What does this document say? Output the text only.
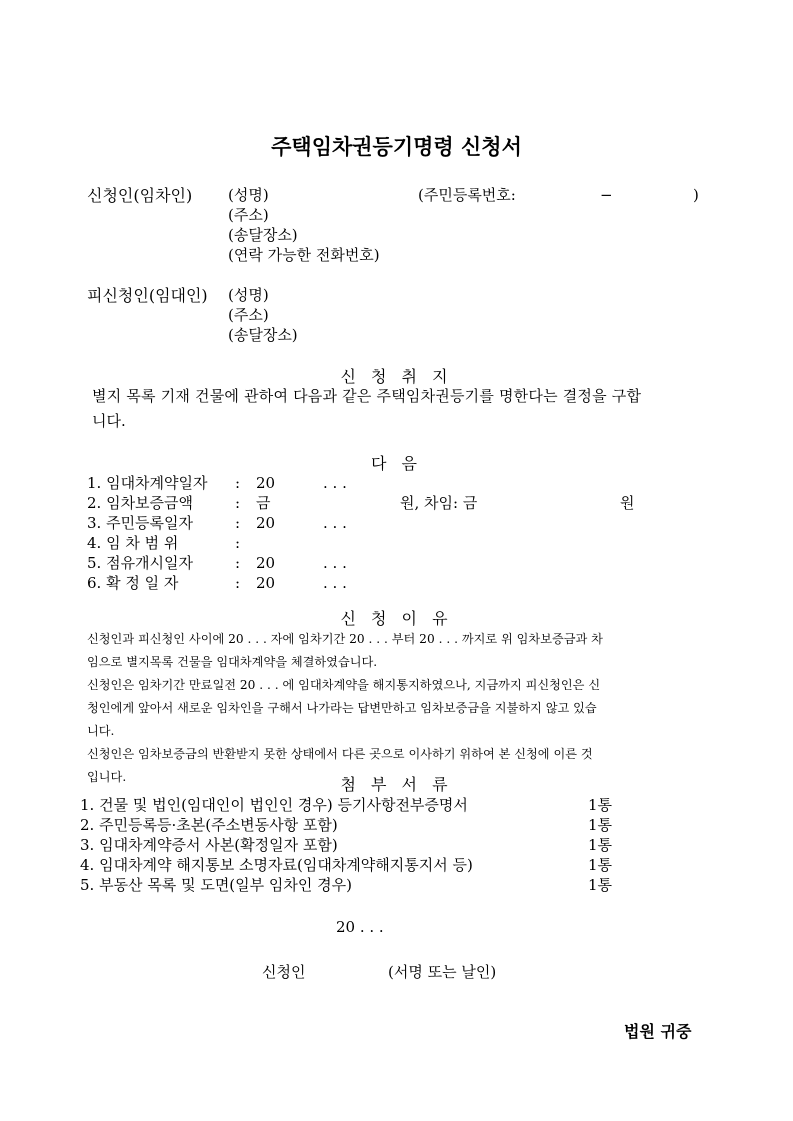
주택임차권등기명령 신청서
신청인(임차인) (성명)	(주민등록번호:	−	)
(주소)
(송달장소)
(연락 가능한 전화번호)
피신청인(임대인) (성명)
(주소)
(송달장소)
신 청 취 지
별지 목록 기재 건물에 관하여 다음과 같은 주택임차권등기를 명한다는 결정을 구합
니다.
다 음
1. 임대차계약일자 : 20	. . .
2. 임차보증금액	: 금	원, 차임: 금	원
3. 주민등록일자	: 20	. . .
4. 임 차 범 위	:
5. 점유개시일자	: 20	. . .
6. 확 정 일 자	: 20	. . .
신 청 이 유
신청인과 피신청인 사이에 20 . . . 자에 임차기간 20 . . . 부터 20 . . . 까지로 위 임차보증금과 차
임으로 별지목록 건물을 임대차계약을 체결하였습니다.
신청인은 임차기간 만료일전 20 . . . 에 임대차계약을 해지통지하였으나, 지금까지 피신청인은 신
청인에게 앞아서 새로운 임차인을 구해서 나가라는 답변만하고 임차보증금을 지불하지 않고 있습
니다.
신청인은 임차보증금의 반환받지 못한 상태에서 다른 곳으로 이사하기 위하여 본 신청에 이른 것
입니다.	첨 부 서 류
1. 건물 및 법인(임대인이 법인인 경우) 등기사항전부증명서	1통
2. 주민등록등·초본(주소변동사항 포함)	1통
3. 임대차계약증서 사본(확정일자 포함)	1통
4. 임대차계약 해지통보 소명자료(임대차계약해지통지서 등)	1통
5. 부동산 목록 및 도면(일부 임차인 경우)	1통
20 . . .
신청인	(서명 또는 날인)
법원 귀중
